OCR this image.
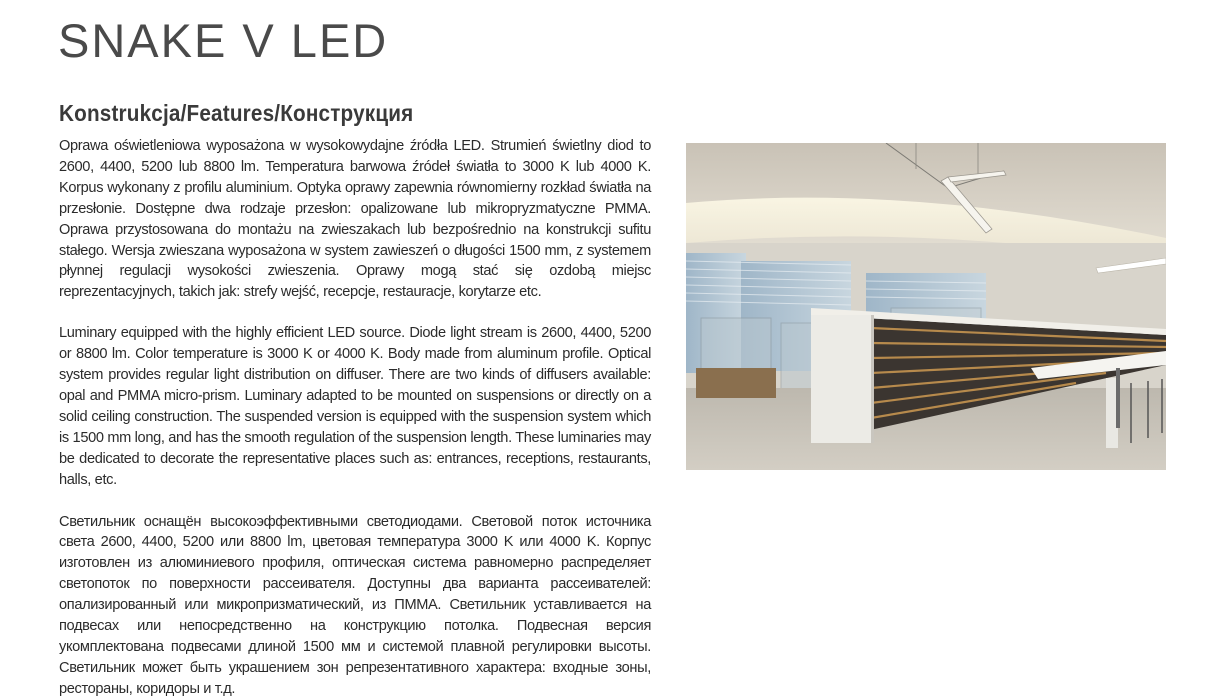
SNAKE V LED
Konstrukcja/Features/Конструкция

Oprawa oświetleniowa wyposażona w wysokowydajne źródła LED. Strumień świetlny diod to 2600, 4400, 5200 lub 8800 lm. Temperatura barwowa źródeł światła to 3000 K lub 4000 K. Korpus wykonany z profilu aluminium. Optyka oprawy zapewnia równomierny rozkład światła na przesłonie. Dostępne dwa rodzaje przesłon: opalizowane lub mikropryzmatyczne PMMA. Oprawa przystosowana do montażu na zwieszakach lub bezpośrednio na konstrukcji sufitu stałego. Wersja zwieszana wyposażona w system zawieszeń o długości 1500 mm, z systemem płynnej regulacji wysokości zwieszenia. Oprawy mogą stać się ozdobą miejsc reprezentacyjnych, takich jak: strefy wejść, recepcje, restauracje, korytarze etc.

Luminary equipped with the highly efficient LED source. Diode light stream is 2600, 4400, 5200 or 8800 lm. Color temperature is 3000 K or 4000 K. Body made from aluminum profile. Optical system provides regular light distribution on diffuser. There are two kinds of diffusers available: opal and PMMA micro-prism. Luminary adapted to be mounted on suspensions or directly on a solid ceiling construction. The suspended version is equipped with the suspension system which is 1500 mm long, and has the smooth regulation of the suspension length. These luminaries may be dedicated to decorate the representative places such as: entrances, receptions, restaurants, halls, etc.

Светильник оснащён высокоэффективными светодиодами. Световой поток источника света 2600, 4400, 5200 или 8800 lm, цветовая температура 3000 K или 4000 K. Корпус изготовлен из алюминиевого профиля, оптическая система равномерно распределяет светопоток по поверхности рассеивателя. Доступны два варианта рассеивателей: опализированный или микропризматический, из ПММА. Светильник уставливается на подвесах или непосредственно на конструкцию потолка. Подвесная версия укомплектована подвесами длиной 1500 мм и системой плавной регулировки высоты. Светильник может быть украшением зон репрезентативного характера: входные зоны, рестораны, коридоры и т.д.
